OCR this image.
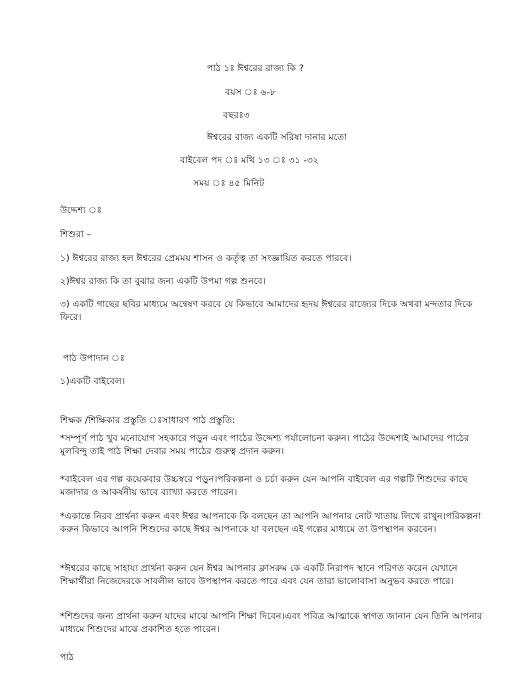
পাঠ ১ঃ ঈশ্বরের রাজ্য কি ?
বয়স ঃ ৬-৮
বছরঃ৩
ঈশ্বরের রাজ্য একটি সরিষা দানার মতো
বাইবেল পদ ঃ মথি ১৩ ঃ ৩১ -৩২
সময় ঃ ৪৫ মিনিট
উদ্দেশ্য ঃ
শিশুরা –
১) ঈশ্বরের রাজ্য হল ঈশ্বরের প্রেমময় শাসন ও কর্তৃত্ব তা সংজ্ঞায়িত করতে পারবে।
২)ঈশ্বর রাজ্য কি তা বুঝার জন্য একটি উপমা গল্প শুনবে।
৩) একটি গাছের ছবির মাধ্যমে অন্বেষণ করবে যে কিভাবে আমাদের হৃদয় ঈশ্বরের রাজ্যের দিকে অথবা মন্দতার দিকে ফিরে।
পাঠ উপাদান ঃ
১)একটি বাইবেল।
শিক্ষক /শিক্ষিকার প্রস্তুতি ঃসাধারণ পাঠ প্রস্তুতি:
*সম্পূর্ণ পাঠ খুব মনোযোগ সহকারে পড়ুন এবং পাঠের উদ্দেশ্য পর্যালোচনা করুন। পাঠের উদ্দেশ্যই আমাদের পাঠের মুলবিন্দু তাই পাঠ শিক্ষা দেবার সময় পাঠের গুরুত্ব প্রদান করুন।
*বাইবেল এর গল্প কয়েকবার উচ্চস্বরে পড়ুন।পরিকল্পনা ও চর্চা করুন যেন আপনি বাইবেল এর গল্পটি শিশুদের কাছে মজাদার ও আকর্ষনীয় ভাবে ব্যাখ্যা করতে পারেন।
*একান্তে নিরব প্রার্থনা করুন এবং ঈশ্বর আপনাকে কি বলছেন তা আপনি আপনার নোট খাতায় লিখে রাখুন।পরিকল্পনা করুন কিভাবে আপনি শিশুদের কাছে ঈশ্বর আপনাকে যা বলছেন এই গল্পের মাধ্যমে তা উপস্থাপন করবেন।
*ঈশ্বরের কাছে সাহায্য প্রার্থনা করুন যেন ঈশ্বর আপনার ক্লাসরুম কে একটি নিরাপদ স্থানে পরিণত করেন যেখানে শিক্ষার্থীরা নিজেদেরকে সাবলীল ভাবে উপস্থাপন করতে পারে এবং যেন তারা ভালোবাসা অনুভব করতে পারে।
*শিশুদের জন্য প্রার্থনা করুন যাদের মাঝে আপনি শিক্ষা দিবেন।এবং পবিত্র আত্মাকে স্বাগত জানান যেন তিনি আপনার মাধ্যমে শিশুদের মাঝে প্রকাশিত হতে পারেন।
পাঠ
